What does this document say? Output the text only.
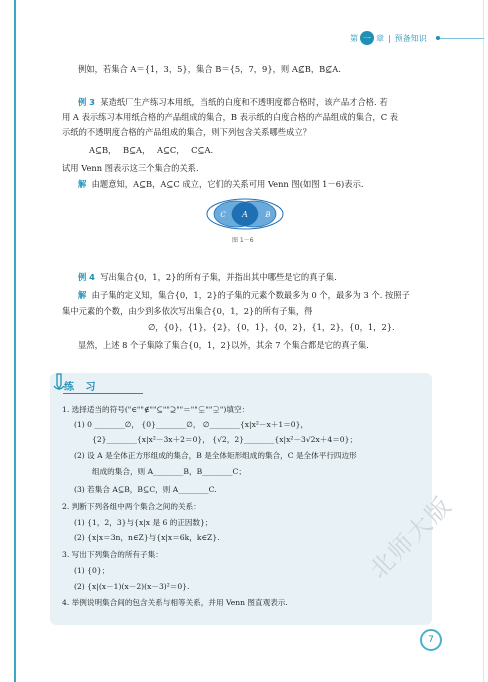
第 一 章 | 预备知识
例如，若集合 A＝{1，3，5}，集合 B＝{5，7，9}，则 A⊈B，B⊈A.
例 3 某造纸厂生产练习本用纸，当纸的白度和不透明度都合格时，该产品才合格. 若
用 A 表示练习本用纸合格的产品组成的集合，B 表示纸的白度合格的产品组成的集合，C 表
示纸的不透明度合格的产品组成的集合，则下列包含关系哪些成立？
A⊆B， B⊆A， A⊆C， C⊆A.
试用 Venn 图表示这三个集合的关系.
解 由题意知，A⊆B，A⊆C 成立，它们的关系可用 Venn 图(如图 1－6)表示.
A
C	B
图 1－6
例 4 写出集合{0，1，2}的所有子集，并指出其中哪些是它的真子集.
解 由子集的定义知，集合{0，1，2}的子集的元素个数最多为 0 个，最多为 3 个. 按照子
集中元素的个数，由少到多依次写出集合{0，1，2}的所有子集，得
∅，{0}，{1}，{2}，{0，1}，{0，2}，{1，2}，{0，1，2}.
显然，上述 8 个子集除了集合{0，1，2}以外，其余 7 个集合都是它的真子集.
练 习
1. 选择适当的符号("∈""∉""⊆""⊇""＝""⊊""⊋")填空：
(1) 0 ________∅， {0}________∅， ∅________{x|x²－x＋1＝0}，
{2}________{x|x²－3x＋2＝0}， {√2，2}________{x|x²－3√2x＋4＝0}；
(2) 设 A 是全体正方形组成的集合，B 是全体矩形组成的集合，C 是全体平行四边形
组成的集合，则 A________B，B________C；
(3) 若集合 A⊆B，B⊆C，则 A________C.
2. 判断下列各组中两个集合之间的关系：
(1) {1，2，3}与{x|x 是 6 的正因数}；
(2) {x|x＝3n，n∈Z}与{x|x＝6k，k∈Z}.
3. 写出下列集合的所有子集：
(1) {0}；
(2) {x|(x－1)(x－2)(x－3)²＝0}.
4. 举例说明集合间的包含关系与相等关系，并用 Venn 图直观表示.
北师大版
7
